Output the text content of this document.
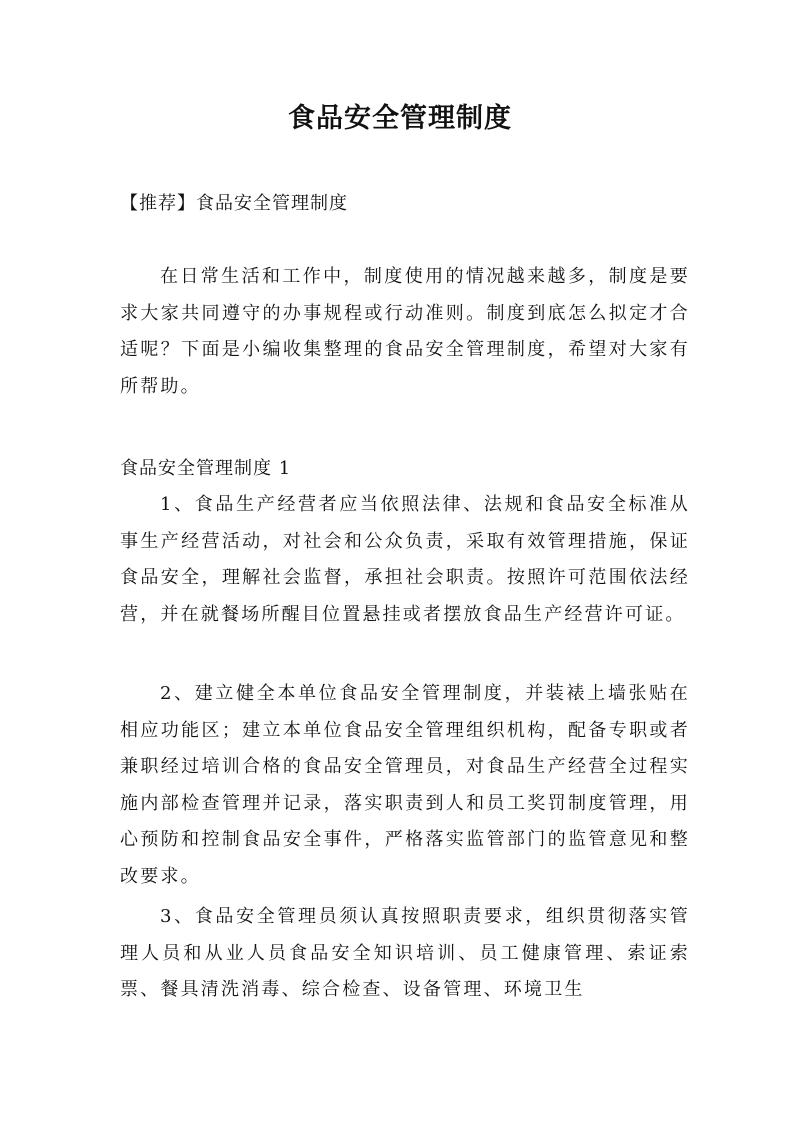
食品安全管理制度

【推荐】食品安全管理制度

在日常生活和工作中，制度使用的情况越来越多，制度是要求大家共同遵守的办事规程或行动准则。制度到底怎么拟定才合适呢？下面是小编收集整理的食品安全管理制度，希望对大家有所帮助。

食品安全管理制度 1

1、食品生产经营者应当依照法律、法规和食品安全标准从事生产经营活动，对社会和公众负责，采取有效管理措施，保证食品安全，理解社会监督，承担社会职责。按照许可范围依法经营，并在就餐场所醒目位置悬挂或者摆放食品生产经营许可证。

2、建立健全本单位食品安全管理制度，并装裱上墙张贴在相应功能区；建立本单位食品安全管理组织机构，配备专职或者兼职经过培训合格的食品安全管理员，对食品生产经营全过程实施内部检查管理并记录，落实职责到人和员工奖罚制度管理，用心预防和控制食品安全事件，严格落实监管部门的监管意见和整改要求。

3、食品安全管理员须认真按照职责要求，组织贯彻落实管理人员和从业人员食品安全知识培训、员工健康管理、索证索票、餐具清洗消毒、综合检查、设备管理、环境卫生
